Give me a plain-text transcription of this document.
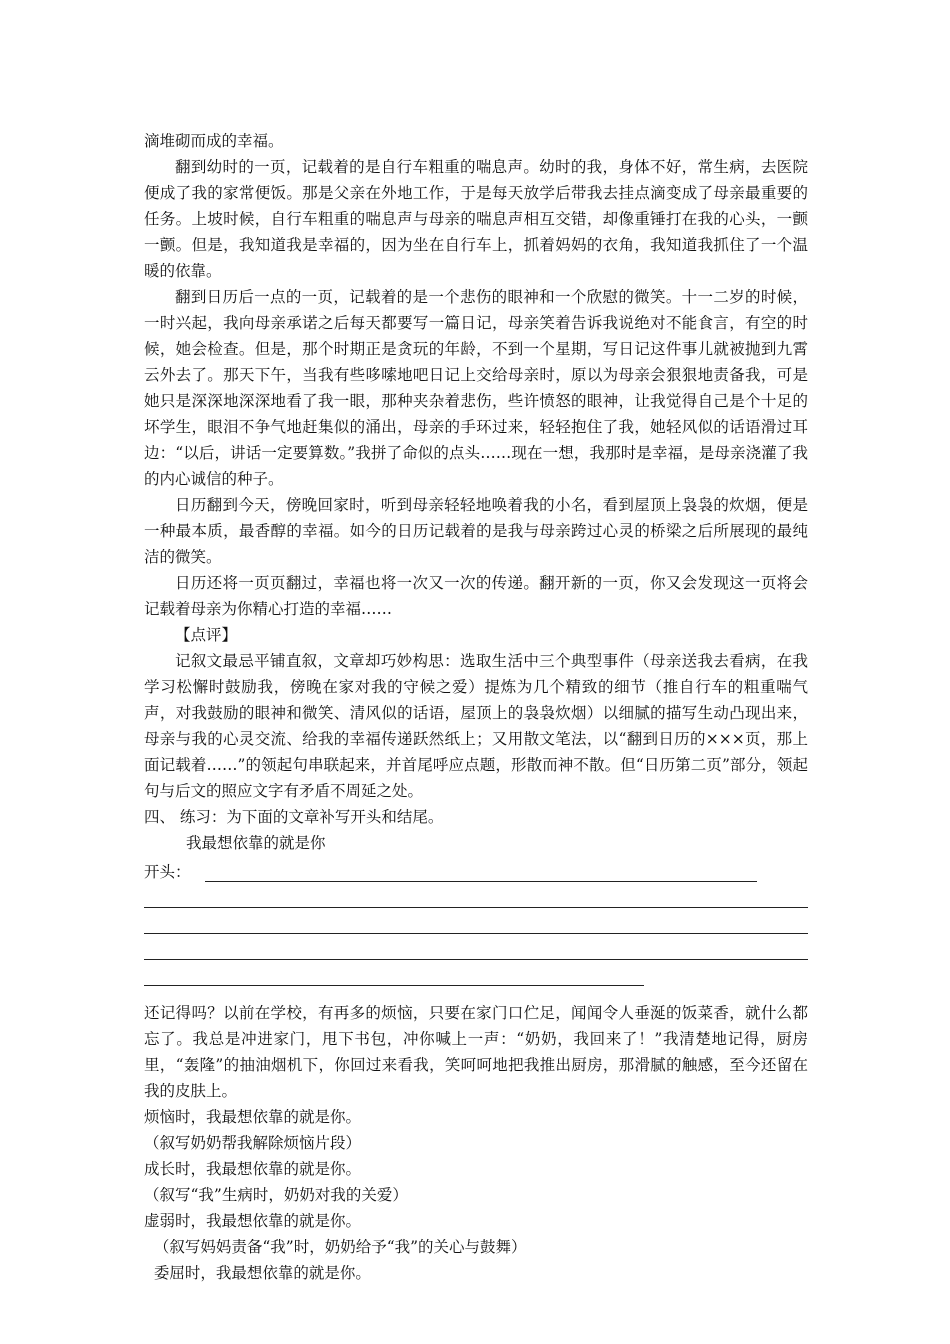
滴堆砌而成的幸福。

翻到幼时的一页，记载着的是自行车粗重的喘息声。幼时的我，身体不好，常生病，去医院便成了我的家常便饭。那是父亲在外地工作，于是每天放学后带我去挂点滴变成了母亲最重要的任务。上坡时候，自行车粗重的喘息声与母亲的喘息声相互交错，却像重锤打在我的心头，一颤一颤。但是，我知道我是幸福的，因为坐在自行车上，抓着妈妈的衣角，我知道我抓住了一个温暖的依靠。

翻到日历后一点的一页，记载着的是一个悲伤的眼神和一个欣慰的微笑。十一二岁的时候，一时兴起，我向母亲承诺之后每天都要写一篇日记，母亲笑着告诉我说绝对不能食言，有空的时候，她会检查。但是，那个时期正是贪玩的年龄，不到一个星期，写日记这件事儿就被抛到九霄云外去了。那天下午，当我有些哆嗦地吧日记上交给母亲时，原以为母亲会狠狠地责备我，可是她只是深深地深深地看了我一眼，那种夹杂着悲伤，些许愤怒的眼神，让我觉得自己是个十足的坏学生，眼泪不争气地赶集似的涌出，母亲的手环过来，轻轻抱住了我，她轻风似的话语滑过耳边：“以后，讲话一定要算数。”我拼了命似的点头……现在一想，我那时是幸福，是母亲浇灌了我的内心诚信的种子。

日历翻到今天，傍晚回家时，听到母亲轻轻地唤着我的小名，看到屋顶上袅袅的炊烟，便是一种最本质，最香醇的幸福。如今的日历记载着的是我与母亲跨过心灵的桥梁之后所展现的最纯洁的微笑。

日历还将一页页翻过，幸福也将一次又一次的传递。翻开新的一页，你又会发现这一页将会记载着母亲为你精心打造的幸福……

【点评】

记叙文最忌平铺直叙，文章却巧妙构思：选取生活中三个典型事件（母亲送我去看病，在我学习松懈时鼓励我，傍晚在家对我的守候之爱）提炼为几个精致的细节（推自行车的粗重喘气声，对我鼓励的眼神和微笑、清风似的话语，屋顶上的袅袅炊烟）以细腻的描写生动凸现出来，母亲与我的心灵交流、给我的幸福传递跃然纸上；又用散文笔法，以“翻到日历的×××页，那上面记载着……”的领起句串联起来，并首尾呼应点题，形散而神不散。但“日历第二页”部分，领起句与后文的照应文字有矛盾不周延之处。

四、 练习：为下面的文章补写开头和结尾。

我最想依靠的就是你

开头：

还记得吗？以前在学校，有再多的烦恼，只要在家门口伫足，闻闻令人垂涎的饭菜香，就什么都忘了。我总是冲进家门，甩下书包，冲你喊上一声：“奶奶，我回来了！”我清楚地记得，厨房里，“轰隆”的抽油烟机下，你回过来看我，笑呵呵地把我推出厨房，那滑腻的触感，至今还留在我的皮肤上。

烦恼时，我最想依靠的就是你。

（叙写奶奶帮我解除烦恼片段）

成长时，我最想依靠的就是你。

（叙写“我”生病时，奶奶对我的关爱）

虚弱时，我最想依靠的就是你。

（叙写妈妈责备“我”时，奶奶给予“我”的关心与鼓舞）

委屈时，我最想依靠的就是你。
